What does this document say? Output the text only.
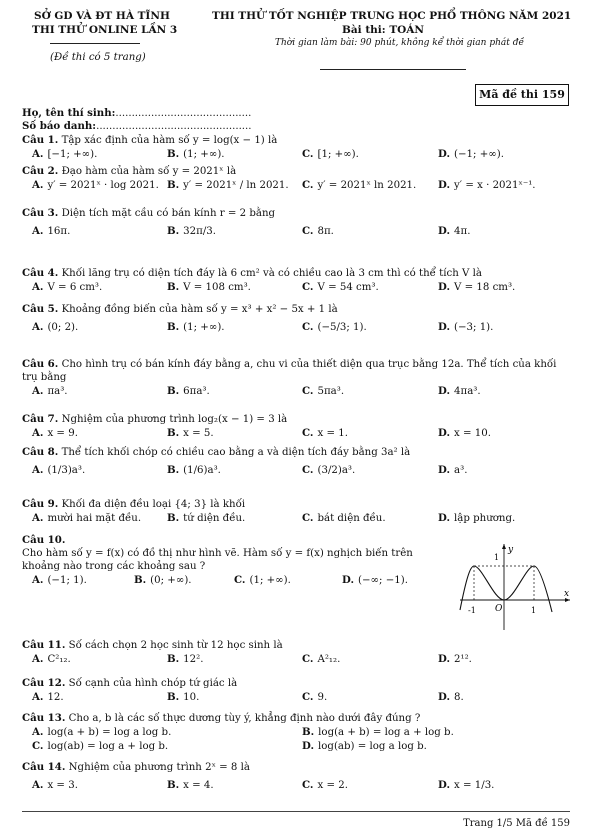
SỞ GD VÀ ĐT HÀ TĨNH
THI THỬ ONLINE LẦN 3
(Đề thi có 5 trang)
THI THỬ TỐT NGHIỆP TRUNG HỌC PHỔ THÔNG NĂM 2021
Bài thi: TOÁN
Thời gian làm bài: 90 phút, không kể thời gian phát đề
Mã đề thi 159
Họ, tên thí sinh:..........................................
Số báo danh:................................................
Câu 1. Tập xác định của hàm số y = log(x − 1) là
A. [−1; +∞).	B. (1; +∞).	C. [1; +∞).	D. (−1; +∞).
Câu 2. Đạo hàm của hàm số y = 2021ˣ là
A. y′ = 2021ˣ · log 2021. B. y′ = 2021ˣ / ln 2021. C. y′ = 2021ˣ ln 2021. D. y′ = x · 2021ˣ⁻¹.
Câu 3. Diện tích mặt cầu có bán kính r = 2 bằng
A. 16π.	B. 32π/3.	C. 8π.	D. 4π.
Câu 4. Khối lăng trụ có diện tích đáy là 6 cm² và có chiều cao là 3 cm thì có thể tích V là
A. V = 6 cm³.	B. V = 108 cm³.	C. V = 54 cm³.	D. V = 18 cm³.
Câu 5. Khoảng đồng biến của hàm số y = x³ + x² − 5x + 1 là
A. (0; 2).	B. (1; +∞).	C. (−5/3; 1).	D. (−3; 1).
Câu 6. Cho hình trụ có bán kính đáy bằng a, chu vi của thiết diện qua trục bằng 12a. Thể tích của khối
trụ bằng
A. πa³.	B. 6πa³.	C. 5πa³.	D. 4πa³.
Câu 7. Nghiệm của phương trình log₂(x − 1) = 3 là
A. x = 9.	B. x = 5.	C. x = 1.	D. x = 10.
Câu 8. Thể tích khối chóp có chiều cao bằng a và diện tích đáy bằng 3a² là
A. (1/3)a³.	B. (1/6)a³.	C. (3/2)a³.	D. a³.
Câu 9. Khối đa diện đều loại {4; 3} là khối
A. mười hai mặt đều.	B. tứ diện đều.	C. bát diện đều.	D. lập phương.
Câu 10.
Cho hàm số y = f(x) có đồ thị như hình vẽ. Hàm số y = f(x) nghịch biến trên
khoảng nào trong các khoảng sau ?
A. (−1; 1).	B. (0; +∞).	C. (1; +∞).	D. (−∞; −1).
y
x
1
O
-1	1
Câu 11. Số cách chọn 2 học sinh từ 12 học sinh là
A. C²₁₂.	B. 12².	C. A²₁₂.	D. 2¹².
Câu 12. Số cạnh của hình chóp tứ giác là
A. 12.	B. 10.	C. 9.	D. 8.
Câu 13. Cho a, b là các số thực dương tùy ý, khẳng định nào dưới đây đúng ?
A. log(a + b) = log a log b.	B. log(a + b) = log a + log b.
C. log(ab) = log a + log b.	D. log(ab) = log a log b.
Câu 14. Nghiệm của phương trình 2ˣ = 8 là
A. x = 3.	B. x = 4.	C. x = 2.	D. x = 1/3.
Trang 1/5 Mã đề 159
